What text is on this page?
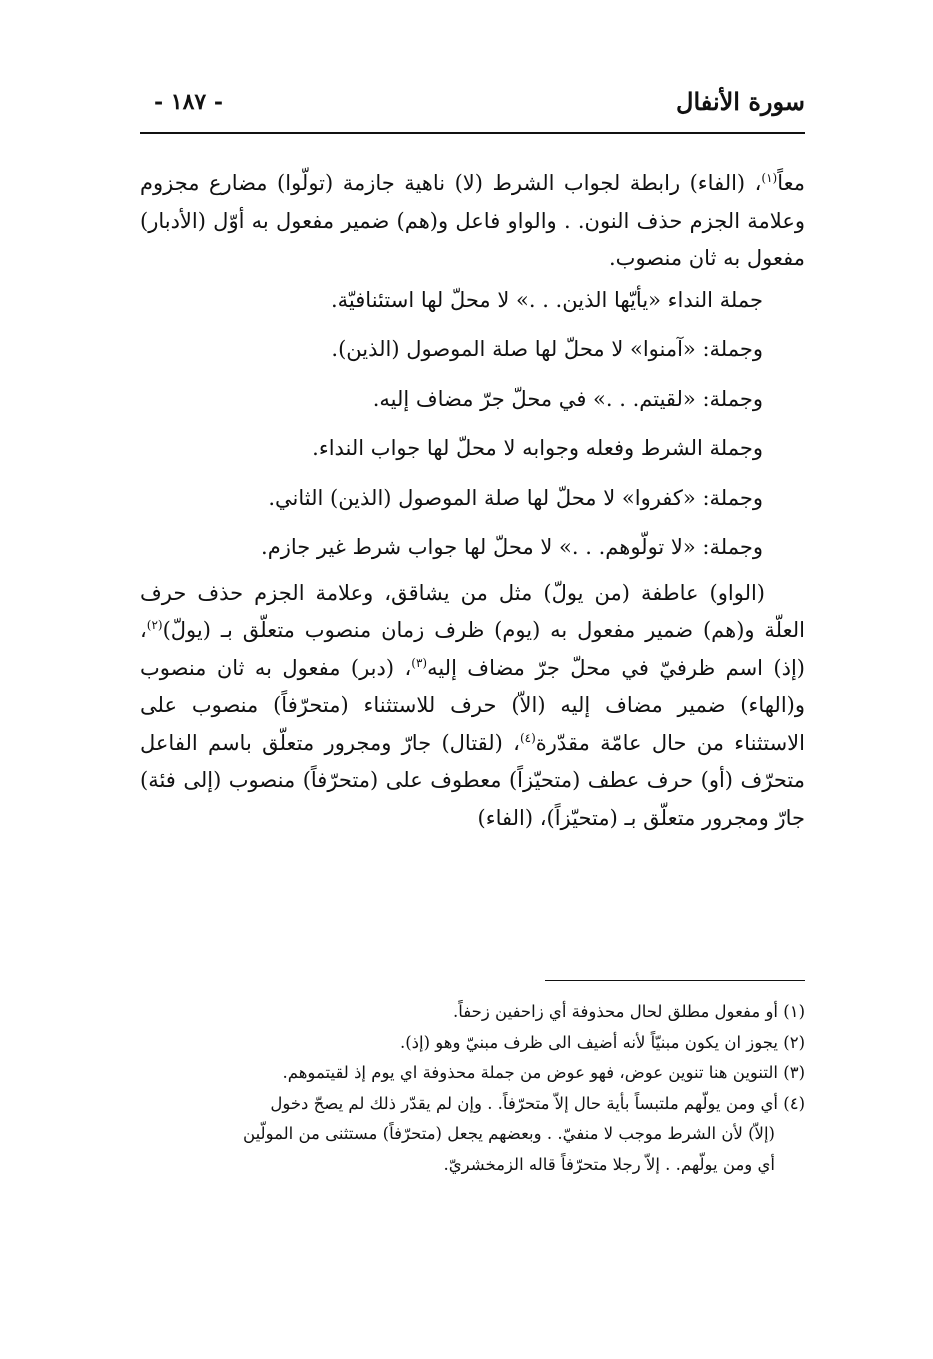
سورة الأنفال
- ١٨٧ -

معاً$^{(١)}$، (الفاء) رابطة لجواب الشرط (لا) ناهية جازمة (تولّوا) مضارع مجزوم وعلامة الجزم حذف النون. . والواو فاعل و(هم) ضمير مفعول به أوّل (الأدبار) مفعول به ثان منصوب.

جملة النداء «يأيّها الذين. . .» لا محلّ لها استئنافيّة.

وجملة: «آمنوا» لا محلّ لها صلة الموصول (الذين).

وجملة: «لقيتم. . .» في محلّ جرّ مضاف إليه.

وجملة الشرط وفعله وجوابه لا محلّ لها جواب النداء.

وجملة: «كفروا» لا محلّ لها صلة الموصول (الذين) الثاني.

وجملة: «لا تولّوهم. . .» لا محلّ لها جواب شرط غير جازم.

(الواو) عاطفة (من يولّ) مثل من يشاقق، وعلامة الجزم حذف حرف العلّة و(هم) ضمير مفعول به (يوم) ظرف زمان منصوب متعلّق بـ (يولّ)$^{(٢)}$، (إذ) اسم ظرفيّ في محلّ جرّ مضاف إليه$^{(٣)}$، (دبر) مفعول به ثان منصوب و(الهاء) ضمير مضاف إليه (الاّ) حرف للاستثناء (متحرّفاً) منصوب على الاستثناء من حال عامّة مقدّرة$^{(٤)}$، (لقتال) جارّ ومجرور متعلّق باسم الفاعل متحرّف (أو) حرف عطف (متحيّزاً) معطوف على (متحرّفاً) منصوب (إلى فئة) جارّ ومجرور متعلّق بـ (متحيّزاً)، (الفاء)

(١) أو مفعول مطلق لحال محذوفة أي زاحفين زحفاً.

(٢) يجوز ان يكون مبنيّاً لأنه أضيف الى ظرف مبنيّ وهو (إذ).

(٣) التنوين هنا تنوين عوض، فهو عوض من جملة محذوفة اي يوم إذ لقيتموهم.

(٤) أي ومن يولّهم ملتبساً بأية حال إلاّ متحرّفاً. . وإن لم يقدّر ذلك لم يصحّ دخول

(إلاّ) لأن الشرط موجب لا منفيّ. . وبعضهم يجعل (متحرّفاً) مستثنى من المولّين

أي ومن يولّهم. . إلاّ رجلا متحرّفاً قاله الزمخشريّ.
